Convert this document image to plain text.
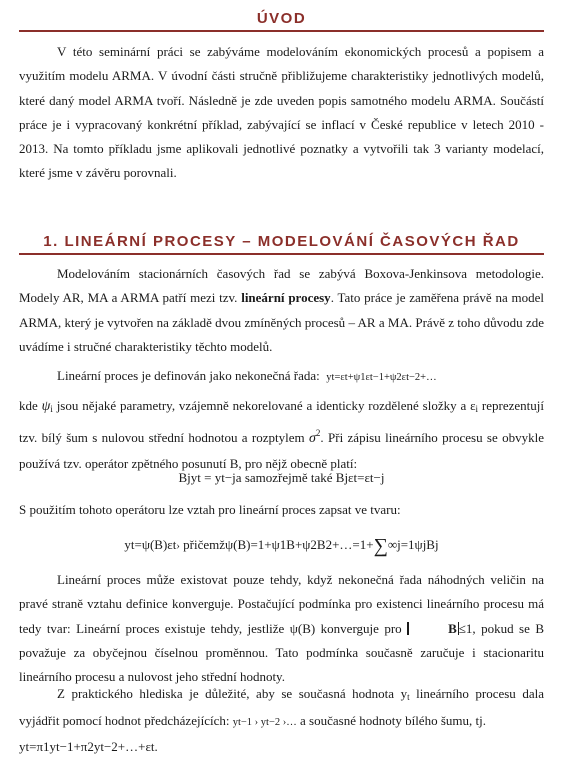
ÚVOD

V této seminární práci se zabýváme modelováním ekonomických procesů a popisem a využitím modelu ARMA. V úvodní části stručně přibližujeme charakteristiky jednotlivých modelů, které daný model ARMA tvoří. Následně je zde uveden popis samotného modelu ARMA. Součástí práce je i vypracovaný konkrétní příklad, zabývající se inflací v České republice v letech 2010 - 2013. Na tomto příkladu jsme aplikovali jednotlivé poznatky a vytvořili tak 3 varianty modelací, které jsme v závěru porovnali.

1. LINEÁRNÍ PROCESY – MODELOVÁNÍ ČASOVÝCH ŘAD

Modelováním stacionárních časových řad se zabývá Boxova-Jenkinsova metodologie. Modely AR, MA a ARMA patří mezi tzv. lineární procesy. Tato práce je zaměřena právě na model ARMA, který je vytvořen na základě dvou zmíněných procesů – AR a MA. Právě z toho důvodu zde uvádíme i stručné charakteristiky těchto modelů.

Lineární proces je definován jako nekonečná řada: yt=εt+ψ1εt−1+ψ2εt−2+…

kde $\psi_i$ jsou nějaké parametry, vzájemně nekorelované a identicky rozdělené složky a $\varepsilon_i$ reprezentují tzv. bílý šum s nulovou střední hodnotou a rozptylem $\sigma^2$. Při zápisu lineárního procesu se obvykle používá tzv. operátor zpětného posunutí B, pro nějž obecně platí:

Bjyt = yt−ja samozřejmě také Bjεt=εt−j

S použitím tohoto operátoru lze vztah pro lineární proces zapsat ve tvaru:

yt=ψ(B)εt› přičemžψ(B)=1+ψ1B+ψ2B2+…=1+∑∞j=1ψjBj

Lineární proces může existovat pouze tehdy, když nekonečná řada náhodných veličin na pravé straně vztahu definice konverguje. Postačující podmínka pro existenci lineárního procesu má tedy tvar: Lineární proces existuje tehdy, jestliže ψ(B) konverguje pro	B ≤1, pokud se B považuje za obyčejnou číselnou proměnnou. Tato podmínka současně zaručuje i stacionaritu lineárního procesu a nulovost jeho střední hodnoty.

Z praktického hlediska je důležité, aby se současná hodnota $y_t$ lineárního procesu dala vyjádřit pomocí hodnot předcházejících: yt−1 › yt−2 ›… a současné hodnoty bílého šumu, tj.

yt=π1yt−1+π2yt−2+…+εt.
